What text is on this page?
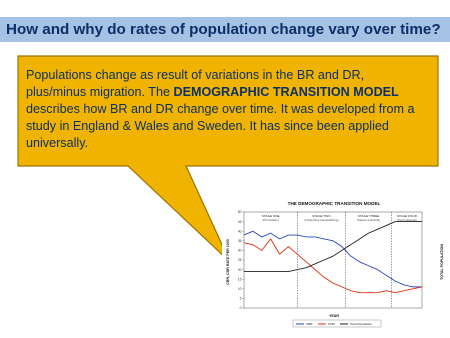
How and why do rates of population change vary over time?
Populations change as result of variations in the BR and DR, plus/minus migration. The DEMOGRAPHIC TRANSITION MODEL describes how BR and DR change over time. It was developed from a study in England & Wales and Sweden. It has since been applied universally.
THE DEMOGRAPHIC TRANSITION MODEL
0
5
10
15
20
25
30
35
40
45
50
STAGE ONE
(Pre Modern)
STAGE TWO
(Urbanizing/ Industrializing)
STAGE THREE
(Mature Industrial)
STAGE FOUR
(Post Industrial)
CBR, CDR RATE PER 1000	TOTAL POPULATION
YEAR
CBR	CDR	Total Population
